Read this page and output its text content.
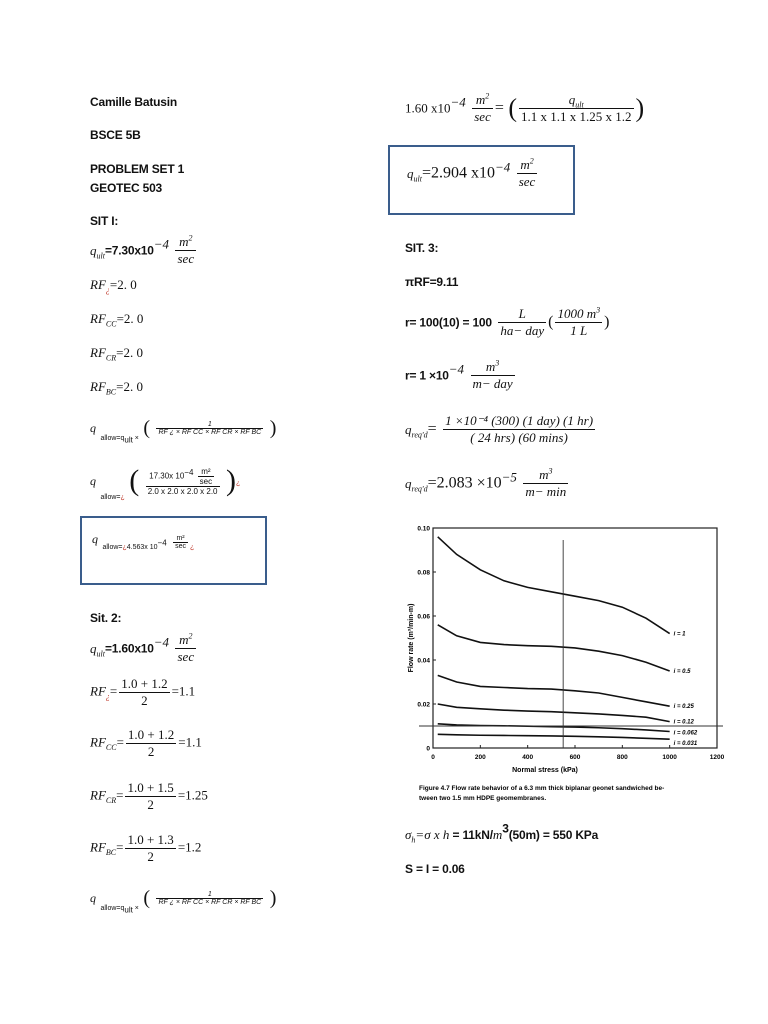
Camille Batusin
BSCE 5B
PROBLEM SET 1
GEOTEC 503
SIT I:
$q_{ult}=7.30x10^{-4} \frac{m^2}{\sec}$
$RF_¿=2$. 0
$RF_{CC}=2$. 0
$RF_{CR}=2$. 0
$RF_{BC}=2$. 0
q $_{allow=q_{ult} \times}$ ( $\frac{1}{\text{RF ¿ × RF CC × RF CR × RF BC}}$ )
q $_{allow=¿}$ ( $\frac{17.30x 10^{-4} \frac{\text{m²}}{\sec}}{2.0 x 2.0 x 2.0 x 2.0}$ )¿
q $_{allow=¿4.563x 10^{-4}} \frac{\text{m²}}{\sec} _¿$
Sit. 2:
$q_{ult}=1.60x10^{-4} \frac{m^2}{\sec}$
$RF_¿= \frac{1.0 + 1.2}{2} =1.1$
$RF_{CC}= \frac{1.0 + 1.2}{2} =1.1$
$RF_{CR}= \frac{1.0 + 1.5}{2} =1.25$
$RF_{BC}= \frac{1.0 + 1.3}{2} =1.2$
q $_{allow=q_{ult} \times}$ ( $\frac{1}{\text{RF ¿ × RF CC × RF CR × RF BC}}$ )
1.60 $x10^{-4} \frac{m^2}{\sec}$ = ( $\frac{q_{ult}}{1.1 x 1.1 x 1.25 x 1.2}$ )
$q_{ult}=2.904$ $x10^{-4} \frac{m^2}{\sec}$
SIT. 3:
πRF=9.11
$r= 100(10) = 100 \frac{L}{\text{ha− day}}$ ( $\frac{1000 m^3}{1 L}$ )
$r= 1 \times 10^{-4} \frac{m^3}{\text{m− day}}$
$q_{req'd}= \frac{\text{1 ×10⁻⁴ (300) (1 day) (1 hr)}}{\text{( 24 hrs) (60 mins)}}$
$q_{req'd}=2.083 \times 10^{-5} \frac{m^3}{m- \min}$
0
0.02
0.04
0.06
0.08
0.10
0	200	400	600	800	1000	1200
i = 1
i = 0.5
i = 0.25
i = 0.12
i = 0.062
i = 0.031
Normal stress (kPa)
Flow rate (m³/min-m)
Figure 4.7 Flow rate behavior of a 6.3 mm thick biplanar geonet sandwiched be-
tween two 1.5 mm HDPE geomembranes.
$\sigma_h=\sigma$ x $h = 11kN/m^3(50m) = 550$ KPa
S = I = 0.06
